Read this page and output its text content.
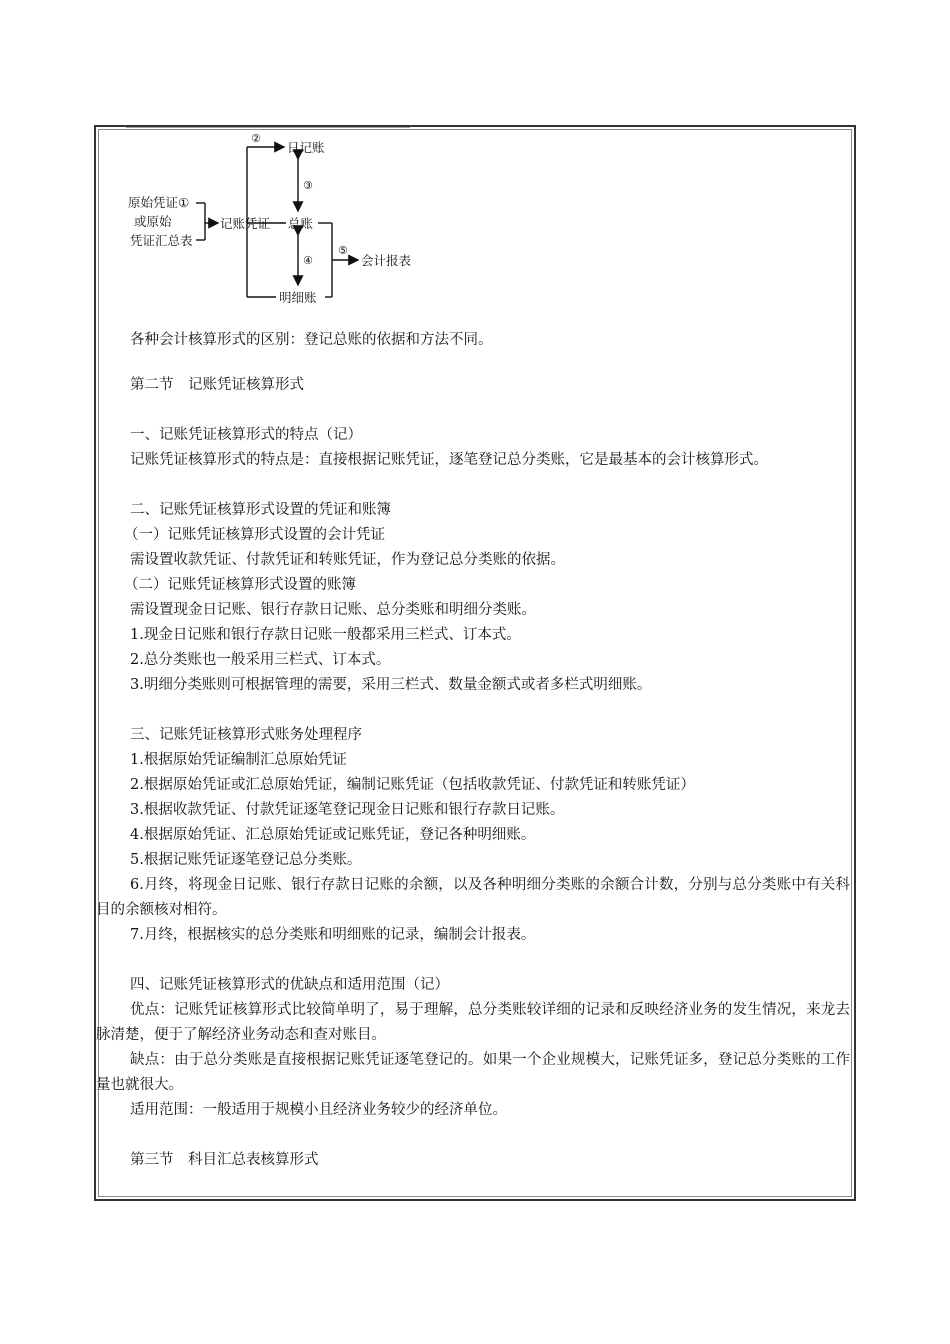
原始凭证①
或原始
凭证汇总表
记账凭证
②
日记账
总账
③
④
明细账
⑤
会计报表

各种会计核算形式的区别：登记总账的依据和方法不同。

第二节　记账凭证核算形式

一、记账凭证核算形式的特点（记）

记账凭证核算形式的特点是：直接根据记账凭证，逐笔登记总分类账，它是最基本的会计核算形式。

二、记账凭证核算形式设置的凭证和账簿

（一）记账凭证核算形式设置的会计凭证

需设置收款凭证、付款凭证和转账凭证，作为登记总分类账的依据。

（二）记账凭证核算形式设置的账簿

需设置现金日记账、银行存款日记账、总分类账和明细分类账。

1.现金日记账和银行存款日记账一般都采用三栏式、订本式。

2.总分类账也一般采用三栏式、订本式。

3.明细分类账则可根据管理的需要，采用三栏式、数量金额式或者多栏式明细账。

三、记账凭证核算形式账务处理程序

1.根据原始凭证编制汇总原始凭证

2.根据原始凭证或汇总原始凭证，编制记账凭证（包括收款凭证、付款凭证和转账凭证）

3.根据收款凭证、付款凭证逐笔登记现金日记账和银行存款日记账。

4.根据原始凭证、汇总原始凭证或记账凭证，登记各种明细账。

5.根据记账凭证逐笔登记总分类账。

6.月终，将现金日记账、银行存款日记账的余额，以及各种明细分类账的余额合计数，分别与总分类账中有关科目的余额核对相符。

7.月终，根据核实的总分类账和明细账的记录，编制会计报表。

四、记账凭证核算形式的优缺点和适用范围（记）

优点：记账凭证核算形式比较简单明了，易于理解，总分类账较详细的记录和反映经济业务的发生情况，来龙去脉清楚，便于了解经济业务动态和查对账目。

缺点：由于总分类账是直接根据记账凭证逐笔登记的。如果一个企业规模大，记账凭证多，登记总分类账的工作量也就很大。

适用范围：一般适用于规模小且经济业务较少的经济单位。

第三节　科目汇总表核算形式
